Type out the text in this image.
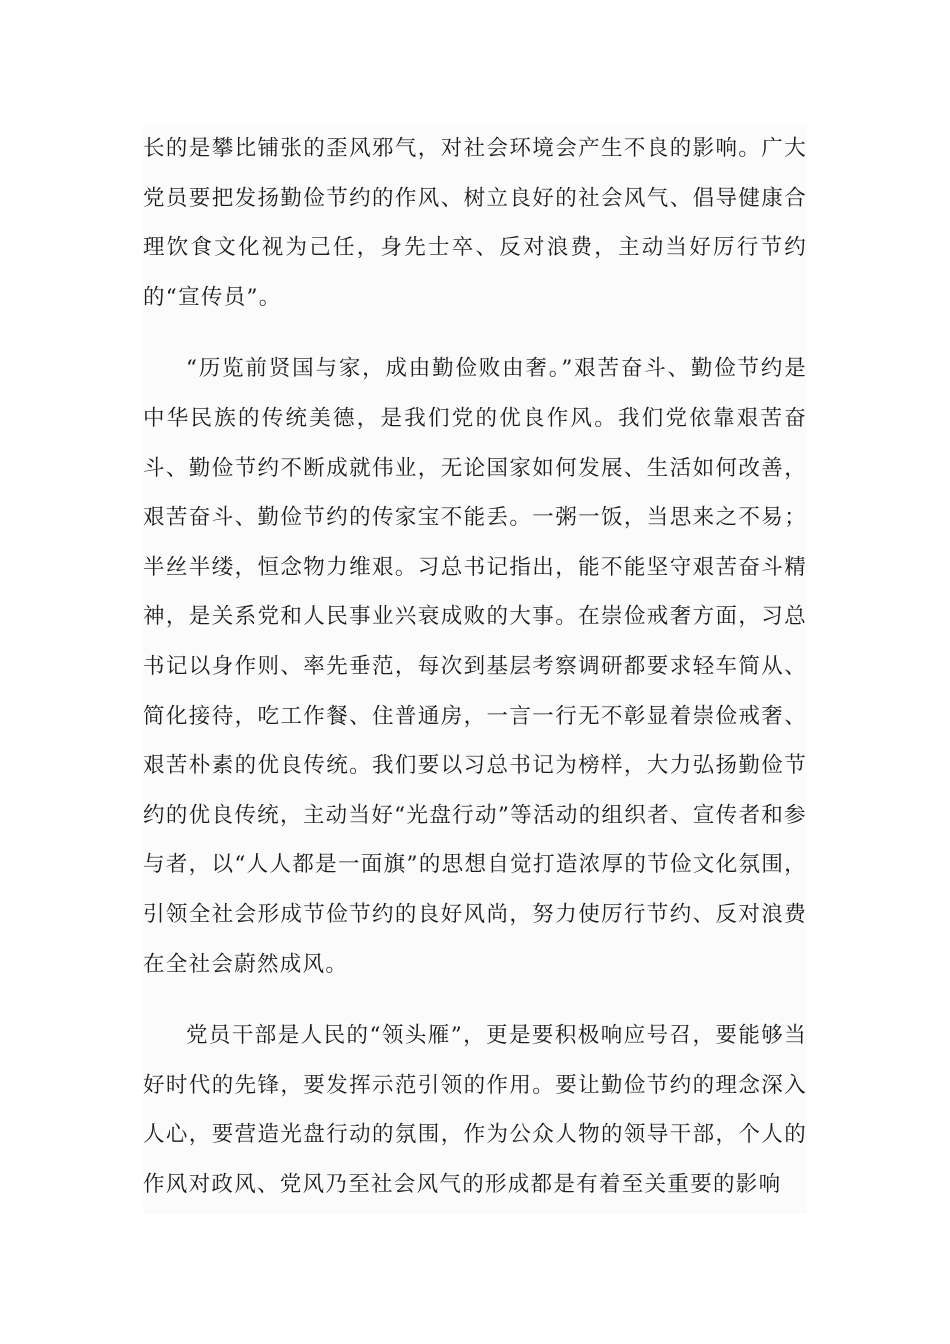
长的是攀比铺张的歪风邪气，对社会环境会产生不良的影响。广大党员要把发扬勤俭节约的作风、树立良好的社会风气、倡导健康合理饮食文化视为己任，身先士卒、反对浪费，主动当好厉行节约的“宣传员”。

“历览前贤国与家，成由勤俭败由奢。”艰苦奋斗、勤俭节约是中华民族的传统美德，是我们党的优良作风。我们党依靠艰苦奋斗、勤俭节约不断成就伟业，无论国家如何发展、生活如何改善，艰苦奋斗、勤俭节约的传家宝不能丢。一粥一饭，当思来之不易；半丝半缕，恒念物力维艰。习总书记指出，能不能坚守艰苦奋斗精神，是关系党和人民事业兴衰成败的大事。在崇俭戒奢方面，习总书记以身作则、率先垂范，每次到基层考察调研都要求轻车简从、简化接待，吃工作餐、住普通房，一言一行无不彰显着崇俭戒奢、艰苦朴素的优良传统。我们要以习总书记为榜样，大力弘扬勤俭节约的优良传统，主动当好“光盘行动”等活动的组织者、宣传者和参与者，以“人人都是一面旗”的思想自觉打造浓厚的节俭文化氛围，引领全社会形成节俭节约的良好风尚，努力使厉行节约、反对浪费在全社会蔚然成风。

党员干部是人民的“领头雁”，更是要积极响应号召，要能够当好时代的先锋，要发挥示范引领的作用。要让勤俭节约的理念深入人心，要营造光盘行动的氛围，作为公众人物的领导干部，个人的作风对政风、党风乃至社会风气的形成都是有着至关重要的影响
